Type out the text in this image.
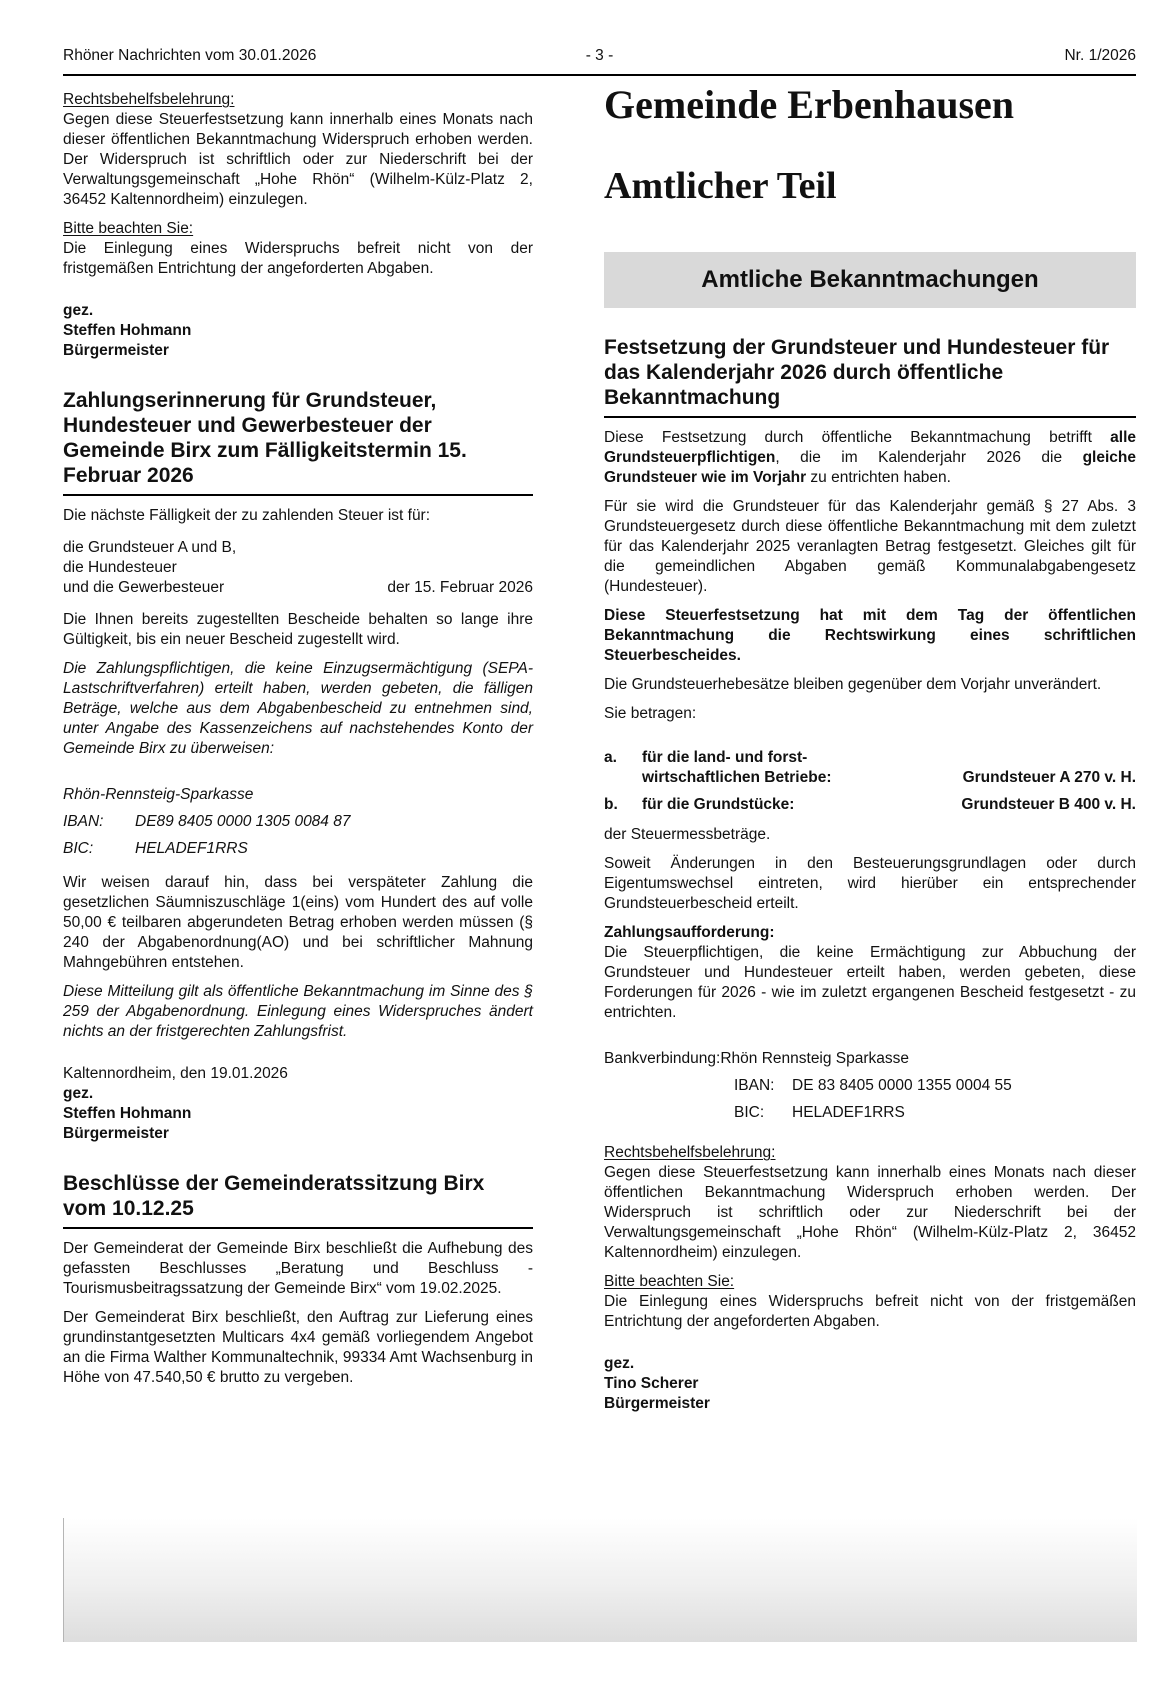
Rhöner Nachrichten vom 30.01.2026	- 3 -	Nr. 1/2026

Rechtsbehelfsbelehrung:

Gegen diese Steuerfestsetzung kann innerhalb eines Monats nach dieser öffentlichen Bekanntmachung Widerspruch erhoben werden. Der Widerspruch ist schriftlich oder zur Niederschrift bei der Verwaltungsgemeinschaft „Hohe Rhön“ (Wilhelm-Külz-Platz 2, 36452 Kaltennordheim) einzulegen.

Bitte beachten Sie:

Die Einlegung eines Widerspruchs befreit nicht von der fristgemäßen Entrichtung der angeforderten Abgaben.

gez.
Steffen Hohmann
Bürgermeister
Zahlungserinnerung für Grundsteuer, Hundesteuer und Gewerbesteuer der Gemeinde Birx zum Fälligkeitstermin 15. Februar 2026

Die nächste Fälligkeit der zu zahlenden Steuer ist für:

die Grundsteuer A und B,
die Hundesteuer
und die Gewerbesteuer	der 15. Februar 2026

Die Ihnen bereits zugestellten Bescheide behalten so lange ihre Gültigkeit, bis ein neuer Bescheid zugestellt wird.

Die Zahlungspflichtigen, die keine Einzugsermächtigung (SEPA-Lastschriftverfahren) erteilt haben, werden gebeten, die fälligen Beträge, welche aus dem Abgabenbescheid zu entnehmen sind, unter Angabe des Kassenzeichens auf nachstehendes Konto der Gemeinde Birx zu überweisen:

Rhön-Rennsteig-Sparkasse
IBAN:	DE89 8405 0000 1305 0084 87
BIC:	HELADEF1RRS

Wir weisen darauf hin, dass bei verspäteter Zahlung die gesetzlichen Säumniszuschläge 1(eins) vom Hundert des auf volle 50,00 € teilbaren abgerundeten Betrag erhoben werden müssen (§ 240 der Abgabenordnung(AO) und bei schriftlicher Mahnung Mahngebühren entstehen.

Diese Mitteilung gilt als öffentliche Bekanntmachung im Sinne des § 259 der Abgabenordnung. Einlegung eines Widerspruches ändert nichts an der fristgerechten Zahlungsfrist.

Kaltennordheim, den 19.01.2026
gez.
Steffen Hohmann
Bürgermeister
Beschlüsse der Gemeinderatssitzung Birx vom 10.12.25

Der Gemeinderat der Gemeinde Birx beschließt die Aufhebung des gefassten Beschlusses „Beratung und Beschluss - Tourismusbeitragssatzung der Gemeinde Birx“ vom 19.02.2025.

Der Gemeinderat Birx beschließt, den Auftrag zur Lieferung eines grundinstantgesetzten Multicars 4x4 gemäß vorliegendem Angebot an die Firma Walther Kommunaltechnik, 99334 Amt Wachsenburg in Höhe von 47.540,50 € brutto zu vergeben.

Gemeinde Erbenhausen
Amtlicher Teil
Amtliche Bekanntmachungen
Festsetzung der Grundsteuer und Hundesteuer für das Kalenderjahr 2026 durch öffentliche Bekanntmachung

Diese Festsetzung durch öffentliche Bekanntmachung betrifft alle Grundsteuerpflichtigen, die im Kalenderjahr 2026 die gleiche Grundsteuer wie im Vorjahr zu entrichten haben.

Für sie wird die Grundsteuer für das Kalenderjahr gemäß § 27 Abs. 3 Grundsteuergesetz durch diese öffentliche Bekanntmachung mit dem zuletzt für das Kalenderjahr 2025 veranlagten Betrag festgesetzt. Gleiches gilt für die gemeindlichen Abgaben gemäß Kommunalabgabengesetz (Hundesteuer).

Diese Steuerfestsetzung hat mit dem Tag der öffentlichen Bekanntmachung die Rechtswirkung eines schriftlichen Steuerbescheides.

Die Grundsteuerhebesätze bleiben gegenüber dem Vorjahr unverändert.

Sie betragen:

a.	für die land- und forst-wirtschaftlichen Betriebe:	Grundsteuer A 270 v. H.
b.	für die Grundstücke:	Grundsteuer B 400 v. H.

der Steuermessbeträge.

Soweit Änderungen in den Besteuerungsgrundlagen oder durch Eigentumswechsel eintreten, wird hierüber ein entsprechender Grundsteuerbescheid erteilt.

Zahlungsaufforderung:

Die Steuerpflichtigen, die keine Ermächtigung zur Abbuchung der Grundsteuer und Hundesteuer erteilt haben, werden gebeten, diese Forderungen für 2026 - wie im zuletzt ergangenen Bescheid festgesetzt - zu entrichten.

Bankverbindung: Rhön Rennsteig Sparkasse
IBAN:	DE 83 8405 0000 1355 0004 55
BIC:	HELADEF1RRS

Rechtsbehelfsbelehrung:

Gegen diese Steuerfestsetzung kann innerhalb eines Monats nach dieser öffentlichen Bekanntmachung Widerspruch erhoben werden. Der Widerspruch ist schriftlich oder zur Niederschrift bei der Verwaltungsgemeinschaft „Hohe Rhön“ (Wilhelm-Külz-Platz 2, 36452 Kaltennordheim) einzulegen.

Bitte beachten Sie:

Die Einlegung eines Widerspruchs befreit nicht von der fristgemäßen Entrichtung der angeforderten Abgaben.

gez.
Tino Scherer
Bürgermeister
